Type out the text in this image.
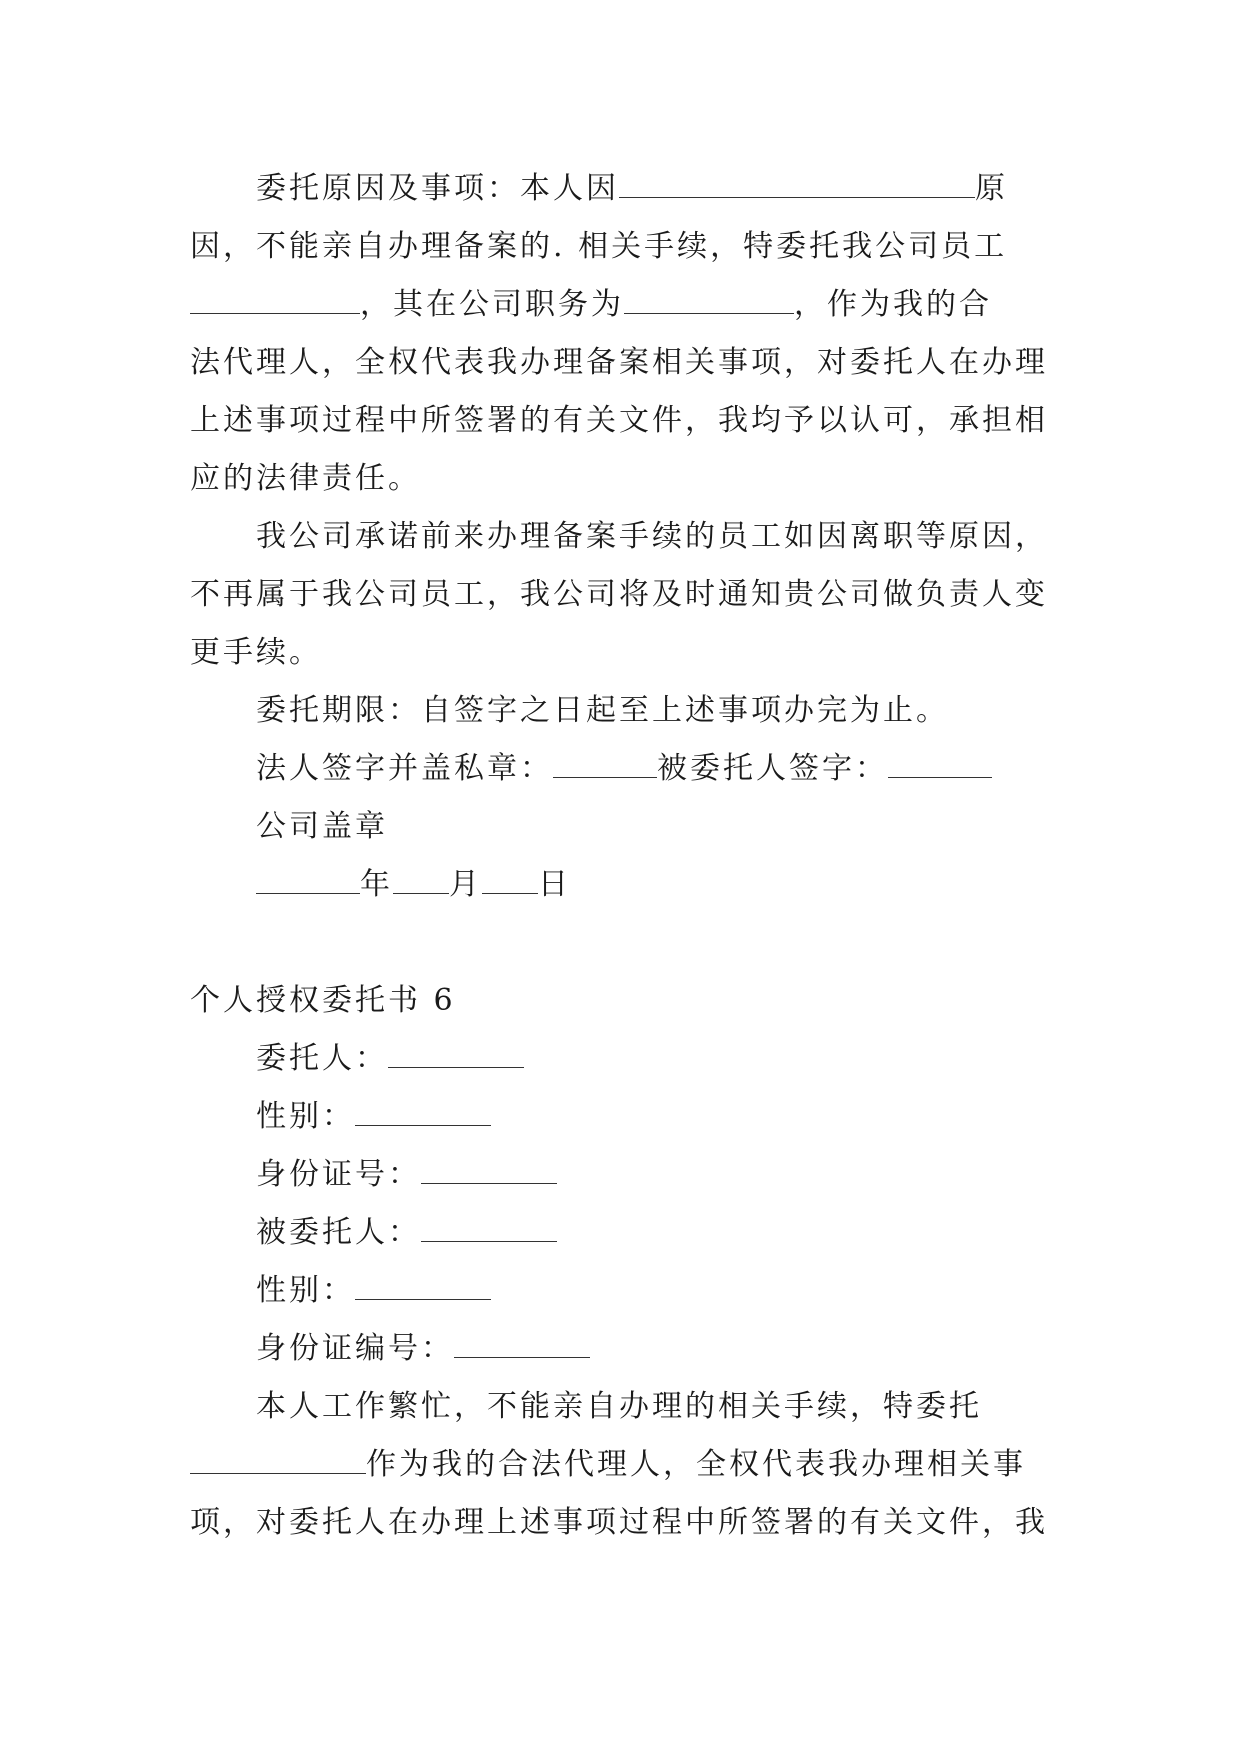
委托原因及事项：本人因	原
因，不能亲自办理备案的. 相关手续，特委托我公司员工
，其在公司职务为	，作为我的合
法代理人，全权代表我办理备案相关事项，对委托人在办理
上述事项过程中所签署的有关文件，我均予以认可，承担相
应的法律责任。
我公司承诺前来办理备案手续的员工如因离职等原因，
不再属于我公司员工，我公司将及时通知贵公司做负责人变
更手续。
委托期限：自签字之日起至上述事项办完为止。
法人签字并盖私章：	被委托人签字：
公司盖章
年 月 日
个人授权委托书 6
委托人：
性别：
身份证号：
被委托人：
性别：
身份证编号：
本人工作繁忙，不能亲自办理的相关手续，特委托
作为我的合法代理人，全权代表我办理相关事
项，对委托人在办理上述事项过程中所签署的有关文件，我
